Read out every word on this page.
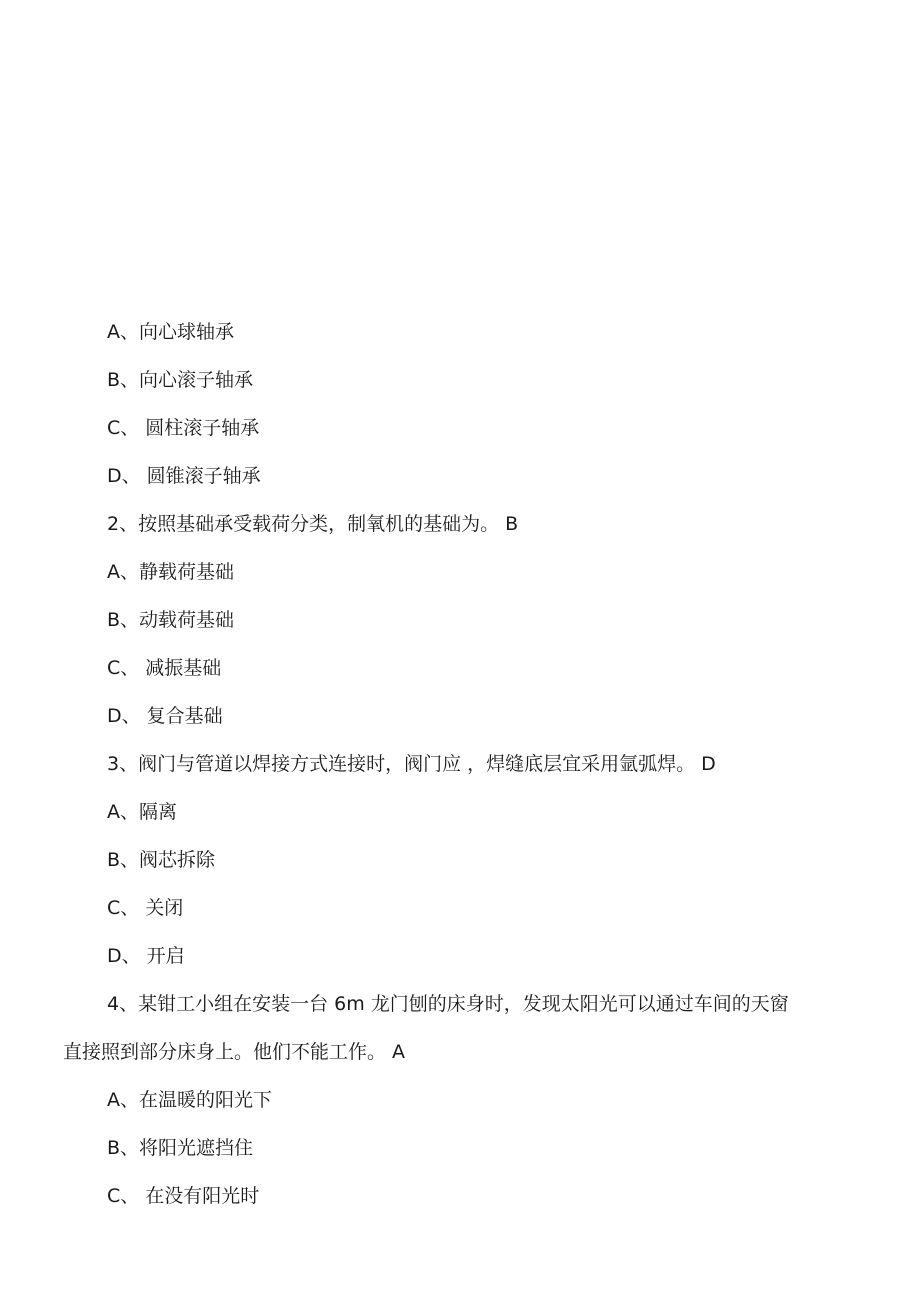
A、向心球轴承
B、向心滚子轴承
C、 圆柱滚子轴承
D、 圆锥滚子轴承
2、按照基础承受载荷分类，制氧机的基础为。 B
A、静载荷基础
B、动载荷基础
C、 减振基础
D、 复合基础
3、阀门与管道以焊接方式连接时，阀门应 ，焊缝底层宜采用氩弧焊。 D
A、隔离
B、阀芯拆除
C、 关闭
D、 开启
4、某钳工小组在安装一台 6m 龙门刨的床身时，发现太阳光可以通过车间的天窗
直接照到部分床身上。他们不能工作。 A
A、在温暖的阳光下
B、将阳光遮挡住
C、 在没有阳光时
